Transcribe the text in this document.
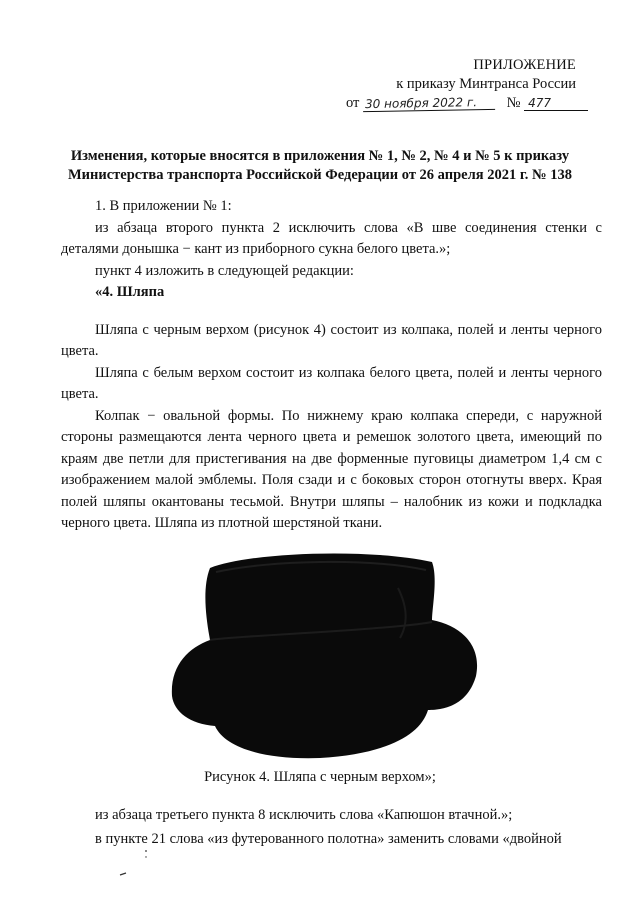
ПРИЛОЖЕНИЕ
к приказу Минтранса России
от 30 ноября 2022 г. № 477
Изменения, которые вносятся в приложения № 1, № 2, № 4 и № 5 к приказу
Министерства транспорта Российской Федерации от 26 апреля 2021 г. № 138

1. В приложении № 1:

из абзаца второго пункта 2 исключить слова «В шве соединения стенки с деталями донышка − кант из приборного сукна белого цвета.»;

пункт 4 изложить в следующей редакции:

«4. Шляпа

Шляпа с черным верхом (рисунок 4) состоит из колпака, полей и ленты черного цвета.

Шляпа с белым верхом состоит из колпака белого цвета, полей и ленты черного цвета.

Колпак − овальной формы. По нижнему краю колпака спереди, с наружной стороны размещаются лента черного цвета и ремешок золотого цвета, имеющий по краям две петли для пристегивания на две форменные пуговицы диаметром 1,4 см с изображением малой эмблемы. Поля сзади и с боковых сторон отогнуты вверх. Края полей шляпы окантованы тесьмой. Внутри шляпы – налобник из кожи и подкладка черного цвета. Шляпа из плотной шерстяной ткани.

Рисунок 4. Шляпа с черным верхом»;

из абзаца третьего пункта 8 исключить слова «Капюшон втачной.»;

в пункте 21 слова «из футерованного полотна» заменить словами «двойной
